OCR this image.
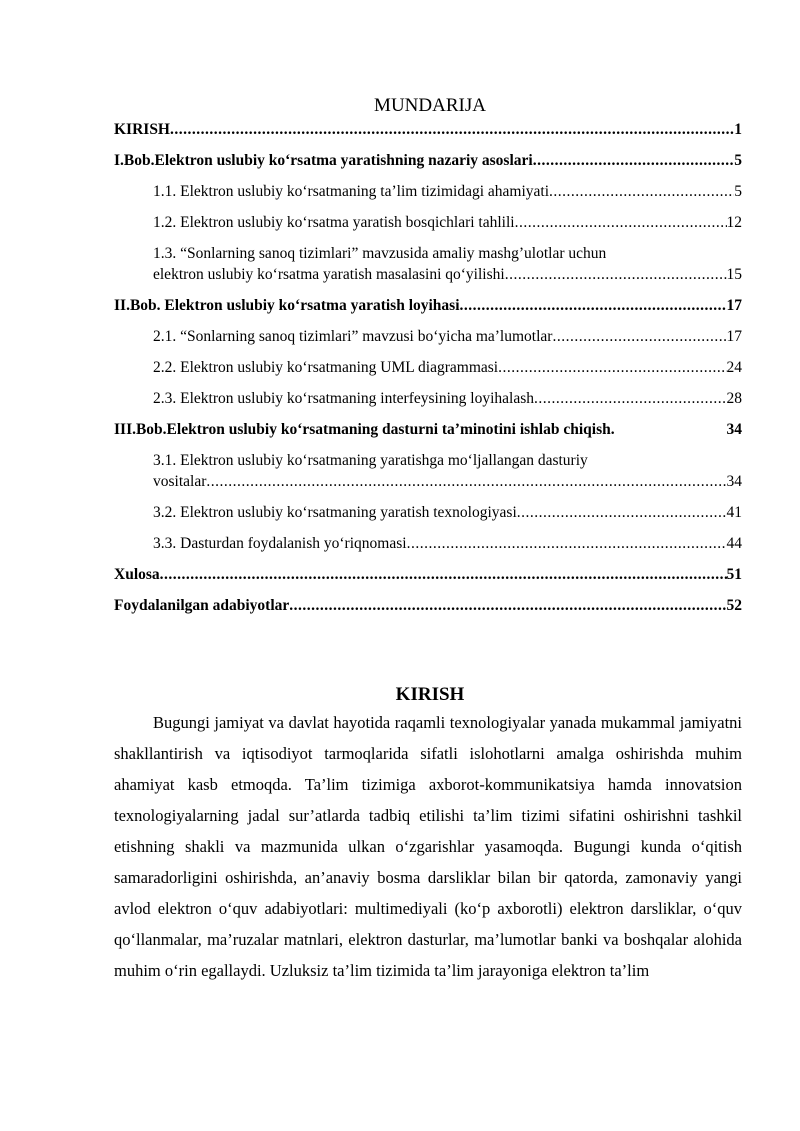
MUNDARIJA
KIRISH .....	1
I.Bob.Elektron uslubiy ko‘rsatma yaratishning nazariy asoslari .....	5
1.1. Elektron uslubiy ko‘rsatmaning ta’lim tizimidagi ahamiyati .....	5
1.2. Elektron uslubiy ko‘rsatma yaratish bosqichlari tahlili .....	12
1.3. “Sonlarning sanoq tizimlari” mavzusida amaliy mashg’ulotlar uchun
elektron uslubiy ko‘rsatma yaratish masalasini qo‘yilishi .....	15
II.Bob. Elektron uslubiy ko‘rsatma yaratish loyihasi .....	17
2.1. “Sonlarning sanoq tizimlari” mavzusi bo‘yicha ma’lumotlar .....	17
2.2. Elektron uslubiy ko‘rsatmaning UML diagrammasi .....	24
2.3. Elektron uslubiy ko‘rsatmaning interfeysining loyihalash .....	28
III.Bob.Elektron uslubiy ko‘rsatmaning dasturni ta’minotini ishlab chiqish.	34
3.1. Elektron uslubiy ko‘rsatmaning yaratishga mo‘ljallangan dasturiy
vositalar .....	34
3.2. Elektron uslubiy ko‘rsatmaning yaratish texnologiyasi .....	41
3.3. Dasturdan foydalanish yo‘riqnomasi .....	44
Xulosa .....	51
Foydalanilgan adabiyotlar .....	52
KIRISH

Bugungi jamiyat va davlat hayotida raqamli texnologiyalar yanada mukammal jamiyatni shakllantirish va iqtisodiyot tarmoqlarida sifatli islohotlarni amalga oshirishda muhim ahamiyat kasb etmoqda. Ta’lim tizimiga axborot-kommunikatsiya hamda innovatsion texnologiyalarning jadal sur’atlarda tadbiq etilishi ta’lim tizimi sifatini oshirishni tashkil etishning shakli va mazmunida ulkan o‘zgarishlar yasamoqda. Bugungi kunda o‘qitish samaradorligini oshirishda, an’anaviy bosma darsliklar bilan bir qatorda, zamonaviy yangi avlod elektron o‘quv adabiyotlari: multimediyali (ko‘p axborotli) elektron darsliklar, o‘quv qo‘llanmalar, ma’ruzalar matnlari, elektron dasturlar, ma’lumotlar banki va boshqalar alohida muhim o‘rin egallaydi. Uzluksiz ta’lim tizimida ta’lim jarayoniga elektron ta’lim
